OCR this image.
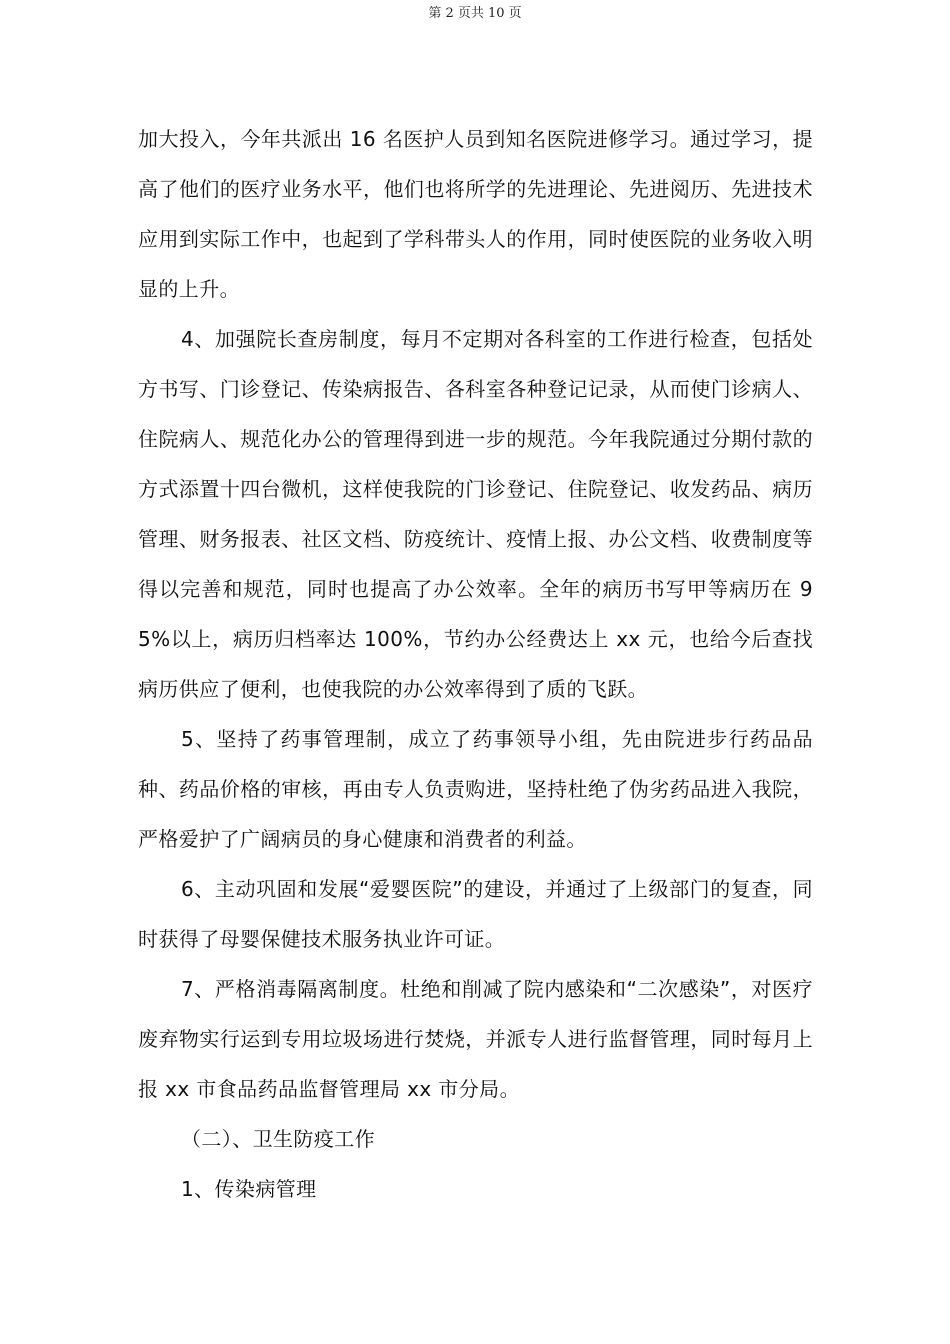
第 2 页共 10 页

加大投入，今年共派出 16 名医护人员到知名医院进修学习。通过学习，提高了他们的医疗业务水平，他们也将所学的先进理论、先进阅历、先进技术应用到实际工作中，也起到了学科带头人的作用，同时使医院的业务收入明显的上升。

4、加强院长查房制度，每月不定期对各科室的工作进行检查，包括处方书写、门诊登记、传染病报告、各科室各种登记记录，从而使门诊病人、住院病人、规范化办公的管理得到进一步的规范。今年我院通过分期付款的方式添置十四台微机，这样使我院的门诊登记、住院登记、收发药品、病历管理、财务报表、社区文档、防疫统计、疫情上报、办公文档、收费制度等得以完善和规范，同时也提高了办公效率。全年的病历书写甲等病历在 95%以上，病历归档率达 100%，节约办公经费达上 xx 元，也给今后查找病历供应了便利，也使我院的办公效率得到了质的飞跃。

5、坚持了药事管理制，成立了药事领导小组，先由院进步行药品品种、药品价格的审核，再由专人负责购进，坚持杜绝了伪劣药品进入我院，严格爱护了广阔病员的身心健康和消费者的利益。

6、主动巩固和发展“爱婴医院”的建设，并通过了上级部门的复查，同时获得了母婴保健技术服务执业许可证。

7、严格消毒隔离制度。杜绝和削减了院内感染和“二次感染”，对医疗废弃物实行运到专用垃圾场进行焚烧，并派专人进行监督管理，同时每月上报 xx 市食品药品监督管理局 xx 市分局。

（二）、卫生防疫工作

1、传染病管理
